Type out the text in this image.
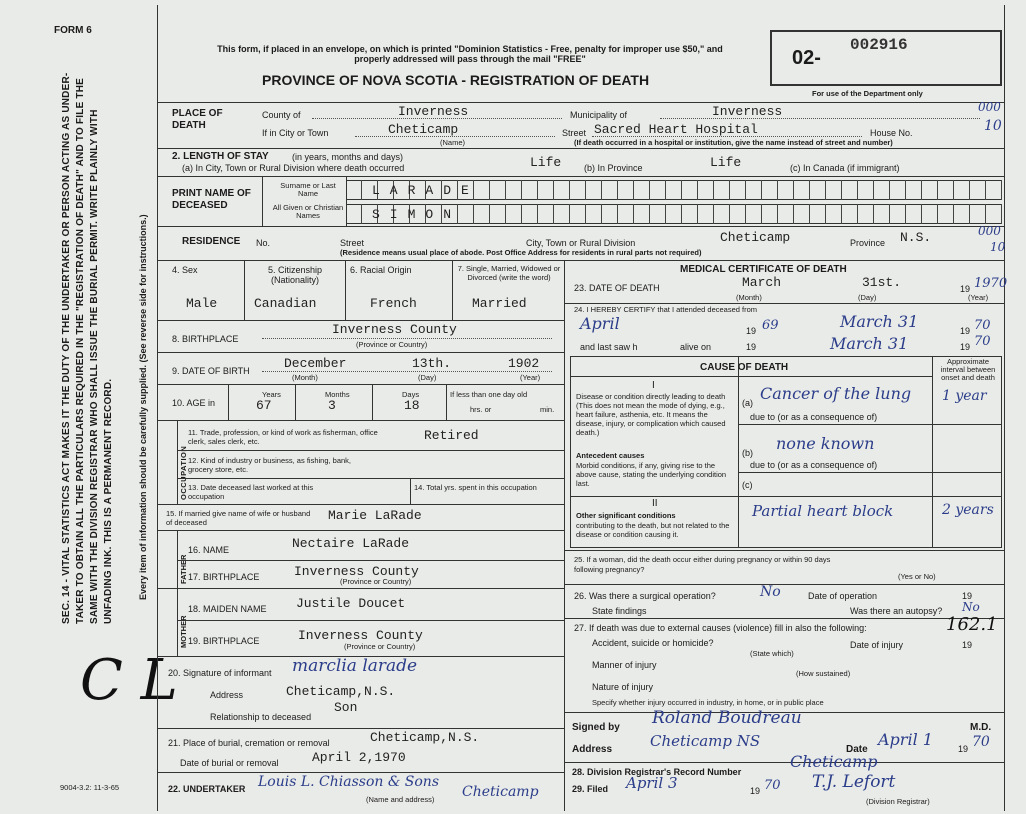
FORM 6
SEC. 14 - VITAL STATISTICS ACT MAKES IT THE DUTY OF THE UNDERTAKER OR PERSON ACTING AS UNDER-TAKER TO OBTAIN ALL THE PARTICULARS REQUIRED IN THE "REGISTRATION OF DEATH" AND TO FILE THE SAME WITH THE DIVISION REGISTRAR WHO SHALL ISSUE THE BURIAL PERMIT. WRITE PLAINLY WITH UNFADING INK. THIS IS A PERMANENT RECORD.	Every item of information should be carefully supplied. (See reverse side for instructions.)
C L
9004-3.2: 11-3-65
This form, if placed in an envelope, on which is printed "Dominion Statistics - Free, penalty for improper use $50," and properly addressed will pass through the mail "FREE"
PROVINCE OF NOVA SCOTIA - REGISTRATION OF DEATH
02-
002916
For use of the Department only
PLACE OF DEATH
County of	Inverness	Municipality of	Inverness	000
If in City or Town	Cheticamp
(Name)
Street Sacred Heart Hospital	House No.	10
(If death occurred in a hospital or institution, give the name instead of street and number)
2. LENGTH OF STAY	(in years, months and days)
(a) In City, Town or Rural Division where death occurred	Life	(b) In Province	Life	(c) In Canada (if immigrant)
PRINT NAME OF DECEASED
Surname or Last Name
All Given or Christian Names
LARADE
SIMON
RESIDENCE No.	Street	City, Town or Rural Division	Cheticamp	Province N.S.	000
10
(Residence means usual place of abode. Post Office Address for residents in rural parts not required)
4. Sex
Male
5. Citizenship (Nationality)
Canadian
6. Racial Origin
French
7. Single, Married, Widowed or Divorced (write the word)
Married
8. BIRTHPLACE
Inverness County
(Province or Country)
9. DATE OF BIRTH	December	13th.	1902
(Month)	(Day)	(Year)
10. AGE in
Years	Months	Days
67	3	18
If less than one day old
hrs. or	min.
OCCUPATION
11. Trade, profession, or kind of work as fisherman, office clerk, sales clerk, etc.	Retired
12. Kind of industry or business, as fishing, bank, grocery store, etc.
13. Date deceased last worked at this occupation
14. Total yrs. spent in this occupation
15. If married give name of wife or husband of deceased	Marie LaRade
FATHER
16. NAME	Nectaire LaRade
17. BIRTHPLACE	Inverness County
(Province or Country)
MOTHER
18. MAIDEN NAME Justile Doucet
19. BIRTHPLACE	Inverness County
(Province or Country)
20. Signature of informant marclia larade
Address	Cheticamp,N.S.
Relationship to deceased
Son
21. Place of burial, cremation or removal	Cheticamp,N.S.
Date of burial or removal	April 2,1970
22. UNDERTAKER Louis L. Chiasson & Sons
Cheticamp
(Name and address)
MEDICAL CERTIFICATE OF DEATH
23. DATE OF DEATH	March	31st.	19 1970
(Month)	(Day)	(Year)
24. I HEREBY CERTIFY that I attended deceased from
April	19 69	March 31	19 70
and last saw h	alive on	19	March 31	19 70
CAUSE OF DEATH
Approximate interval between onset and death
I
Disease or condition directly leading to death (This does not mean the mode of dying, e.g., heart failure, asthenia, etc. It means the disease, injury, or complication which caused death.)
(a) Cancer of the lung 1 year
due to (or as a consequence of)
Antecedent causes
Morbid conditions, if any, giving rise to the above cause, stating the underlying condition last.
(b) none known
due to (or as a consequence of)
(c)
II
Other significant conditions
contributing to the death, but not related to the disease or condition causing it.
Partial heart block	2 years
25. If a woman, did the death occur either during pregnancy or within 90 days following pregnancy?
(Yes or No)
26. Was there a surgical operation?	No	Date of operation	19
State findings	Was there an autopsy? No
27. If death was due to external causes (violence) fill in also the following:	162.1
Accident, suicide or homicide?
(State which)
Date of injury	19
Manner of injury
(How sustained)
Nature of injury
Specify whether injury occurred in industry, in home, or in public place
Signed by Roland Boudreau	M.D.
Address	Cheticamp NS	Date
April 1	19 70
28. Division Registrar's Record Number
Cheticamp
29. Filed April 3	19 70 T.J. Lefort
(Division Registrar)
